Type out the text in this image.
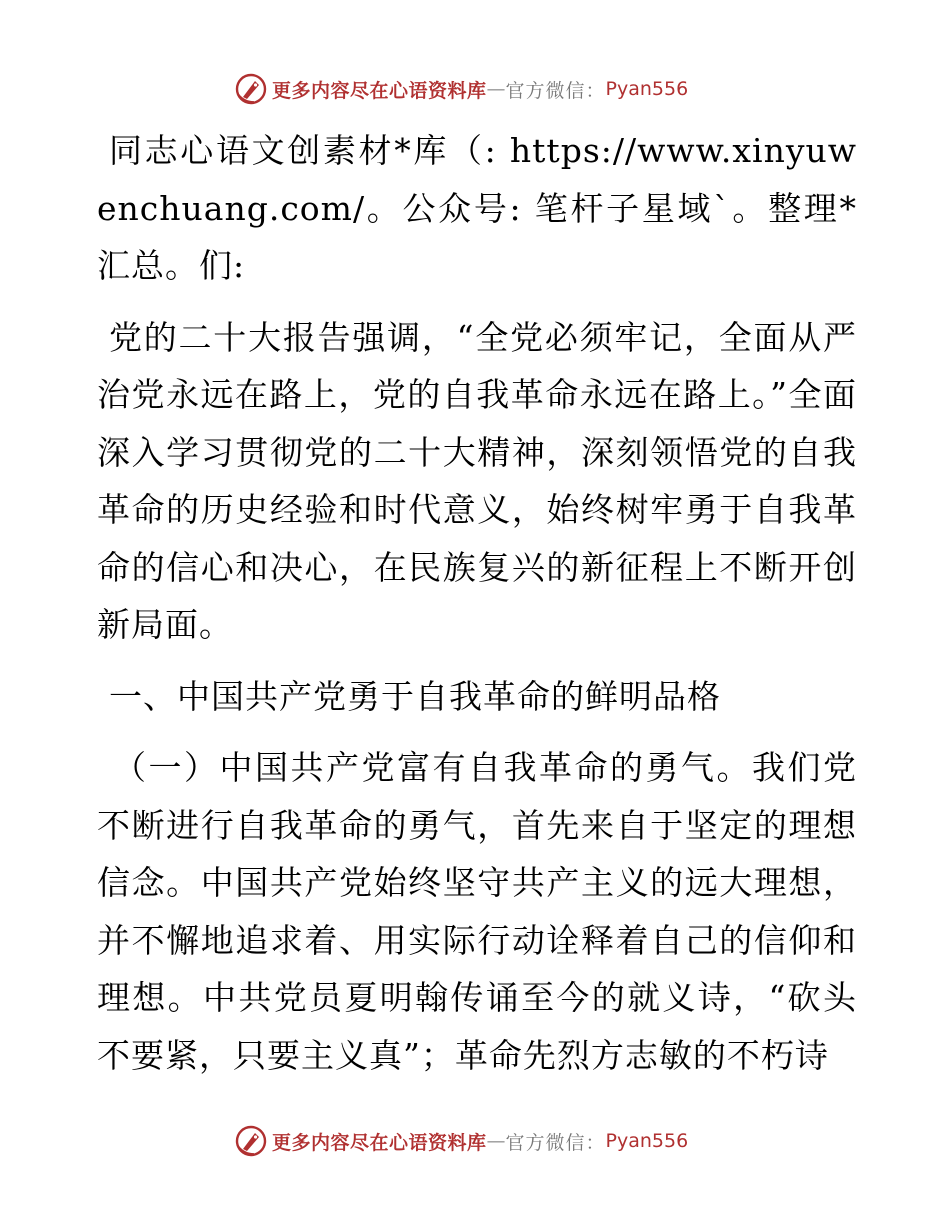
更多内容尽在心语资料库 — 官方微信： Pyan556

同志心语文创素材*库（: https://www.xinyuwenchuang.com/。公众号: 笔杆子星域`。整理*汇总。们:

党的二十大报告强调，“全党必须牢记，全面从严治党永远在路上，党的自我革命永远在路上。”全面深入学习贯彻党的二十大精神，深刻领悟党的自我革命的历史经验和时代意义，始终树牢勇于自我革命的信心和决心，在民族复兴的新征程上不断开创新局面。

一、中国共产党勇于自我革命的鲜明品格

（一）中国共产党富有自我革命的勇气。我们党不断进行自我革命的勇气，首先来自于坚定的理想信念。中国共产党始终坚守共产主义的远大理想，并不懈地追求着、用实际行动诠释着自己的信仰和理想。中共党员夏明翰传诵至今的就义诗，“砍头不要紧，只要主义真”；革命先烈方志敏的不朽诗

更多内容尽在心语资料库 — 官方微信： Pyan556
